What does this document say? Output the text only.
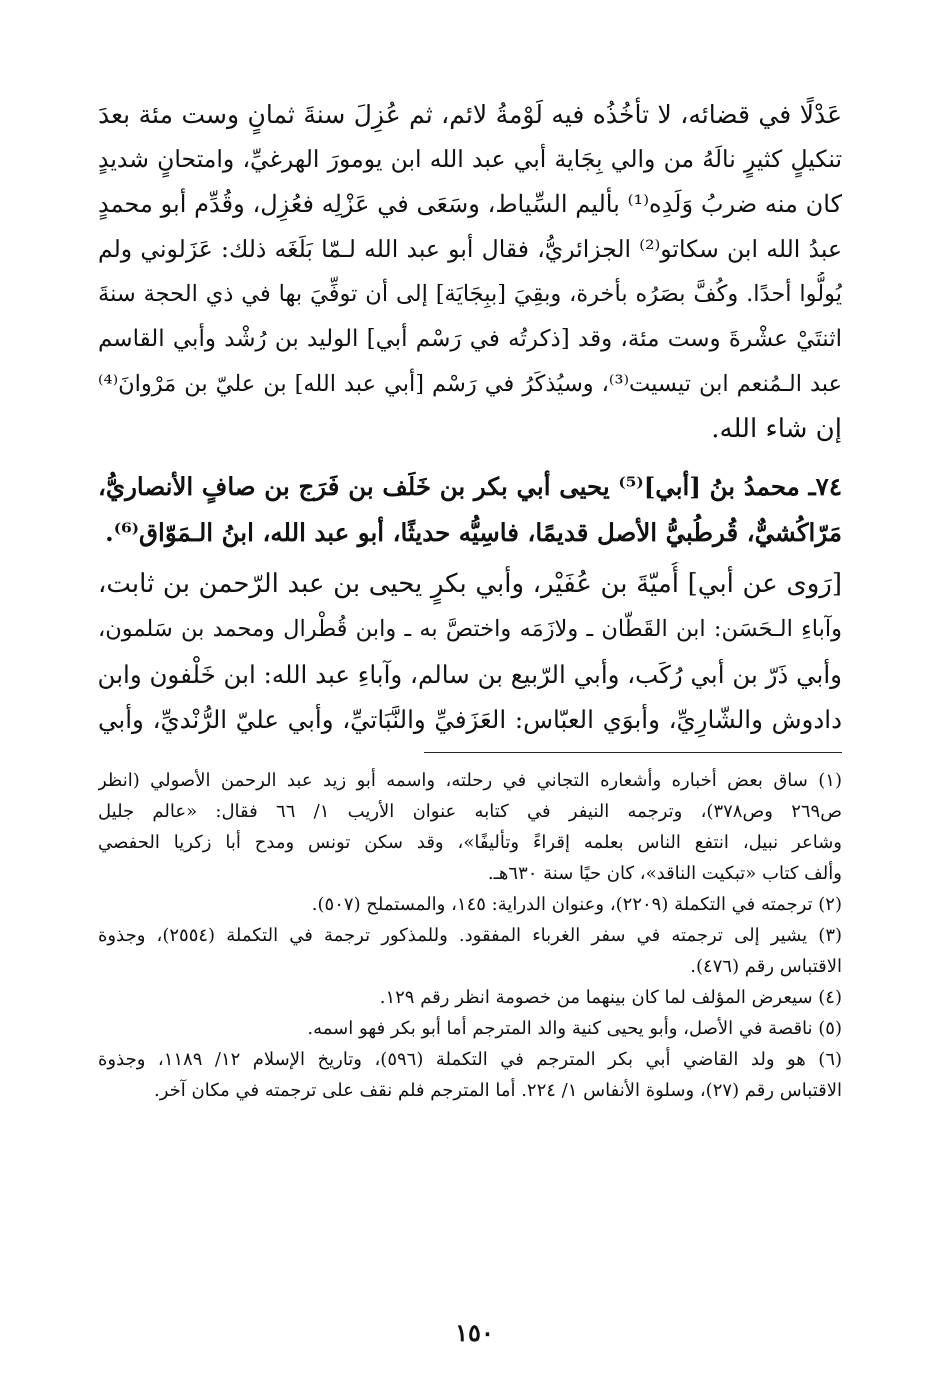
عَدْلًا في قضائه، لا تأخُذُه فيه لَوْمةُ لائم، ثم عُزِلَ سنةَ ثمانٍ وست مئة بعدَ
تنكيلٍ كثيرٍ نالَهُ من والي بِجَاية أبي عبد الله ابن يومورَ الهرغيِّ، وامتحانٍ شديدٍ
كان منه ضربُ وَلَدِه⁽¹⁾ بأليم السِّياط، وسَعَى في عَزْلِه فعُزِل، وقُدِّم أبو محمدٍ
عبدُ الله ابن سكاتو⁽²⁾ الجزائريُّ، فقال أبو عبد الله لـمّا بَلَغَه ذلك: عَزَلوني ولم
يُولُّوا أحدًا. وكُفَّ بصَرُه بأخرة، وبقِيَ [ببِجَايَة] إلى أن توفِّيَ بها في ذي الحجة سنةَ
اثنتَيْ عشْرةَ وست مئة، وقد [ذكرتُه في رَسْم أبي] الوليد بن رُشْد وأبي القاسم
عبد الـمُنعم ابن تيسيت⁽³⁾، وسيُذكَرُ في رَسْم [أبي عبد الله] بن عليّ بن مَرْوانَ⁽⁴⁾
إن شاء الله.
٧٤ـ محمدُ بنُ [أبي]⁽⁵⁾ يحيى أبي بكر بن خَلَف بن فَرَج بن صافٍ الأنصاريُّ،
مَرّاكُشيٌّ، قُرطُبيُّ الأصل قديمًا، فاسِيُّه حديثًا، أبو عبد الله، ابنُ الـمَوّاق⁽⁶⁾.
[رَوى عن أبي] أُميّةَ بن عُفَيْر، وأبي بكرٍ يحيى بن عبد الرّحمن بن ثابت،
وآباءِ الـحَسَن: ابن القَطّان ـ ولازَمَه واختصَّ به ـ وابن قُطْرال ومحمد بن سَلمون،
وأبي ذَرّ بن أبي رُكَب، وأبي الرّبيع بن سالم، وآباءِ عبد الله: ابن خَلْفون وابن
دادوش والشّارِيِّ، وأبوَي العبّاس: العَزَفيِّ والنَّبَاتيِّ، وأبي عليّ الرُّنْديِّ، وأبي
(١) ساق بعض أخباره وأشعاره التجاني في رحلته، واسمه أبو زيد عبد الرحمن الأصولي (انظر
ص٢٦٩ وص٣٧٨)، وترجمه النيفر في كتابه عنوان الأريب ١/ ٦٦ فقال: «عالم جليل
وشاعر نبيل، انتفع الناس بعلمه إقراءً وتأليفًا»، وقد سكن تونس ومدح أبا زكريا الحفصي
وألف كتاب «تبكيت الناقد»، كان حيًا سنة ٦٣٠هـ.
(٢) ترجمته في التكملة (٢٢٠٩)، وعنوان الدراية: ١٤٥، والمستملح (٥٠٧).
(٣) يشير إلى ترجمته في سفر الغرباء المفقود. وللمذكور ترجمة في التكملة (٢٥٥٤)، وجذوة
الاقتباس رقم (٤٧٦).
(٤) سيعرض المؤلف لما كان بينهما من خصومة انظر رقم ١٢٩.
(٥) ناقصة في الأصل، وأبو يحيى كنية والد المترجم أما أبو بكر فهو اسمه.
(٦) هو ولد القاضي أبي بكر المترجم في التكملة (٥٩٦)، وتاريخ الإسلام ١٢/ ١١٨٩، وجذوة
الاقتباس رقم (٢٧)، وسلوة الأنفاس ١/ ٢٢٤. أما المترجم فلم نقف على ترجمته في مكان آخر.
١٥٠
